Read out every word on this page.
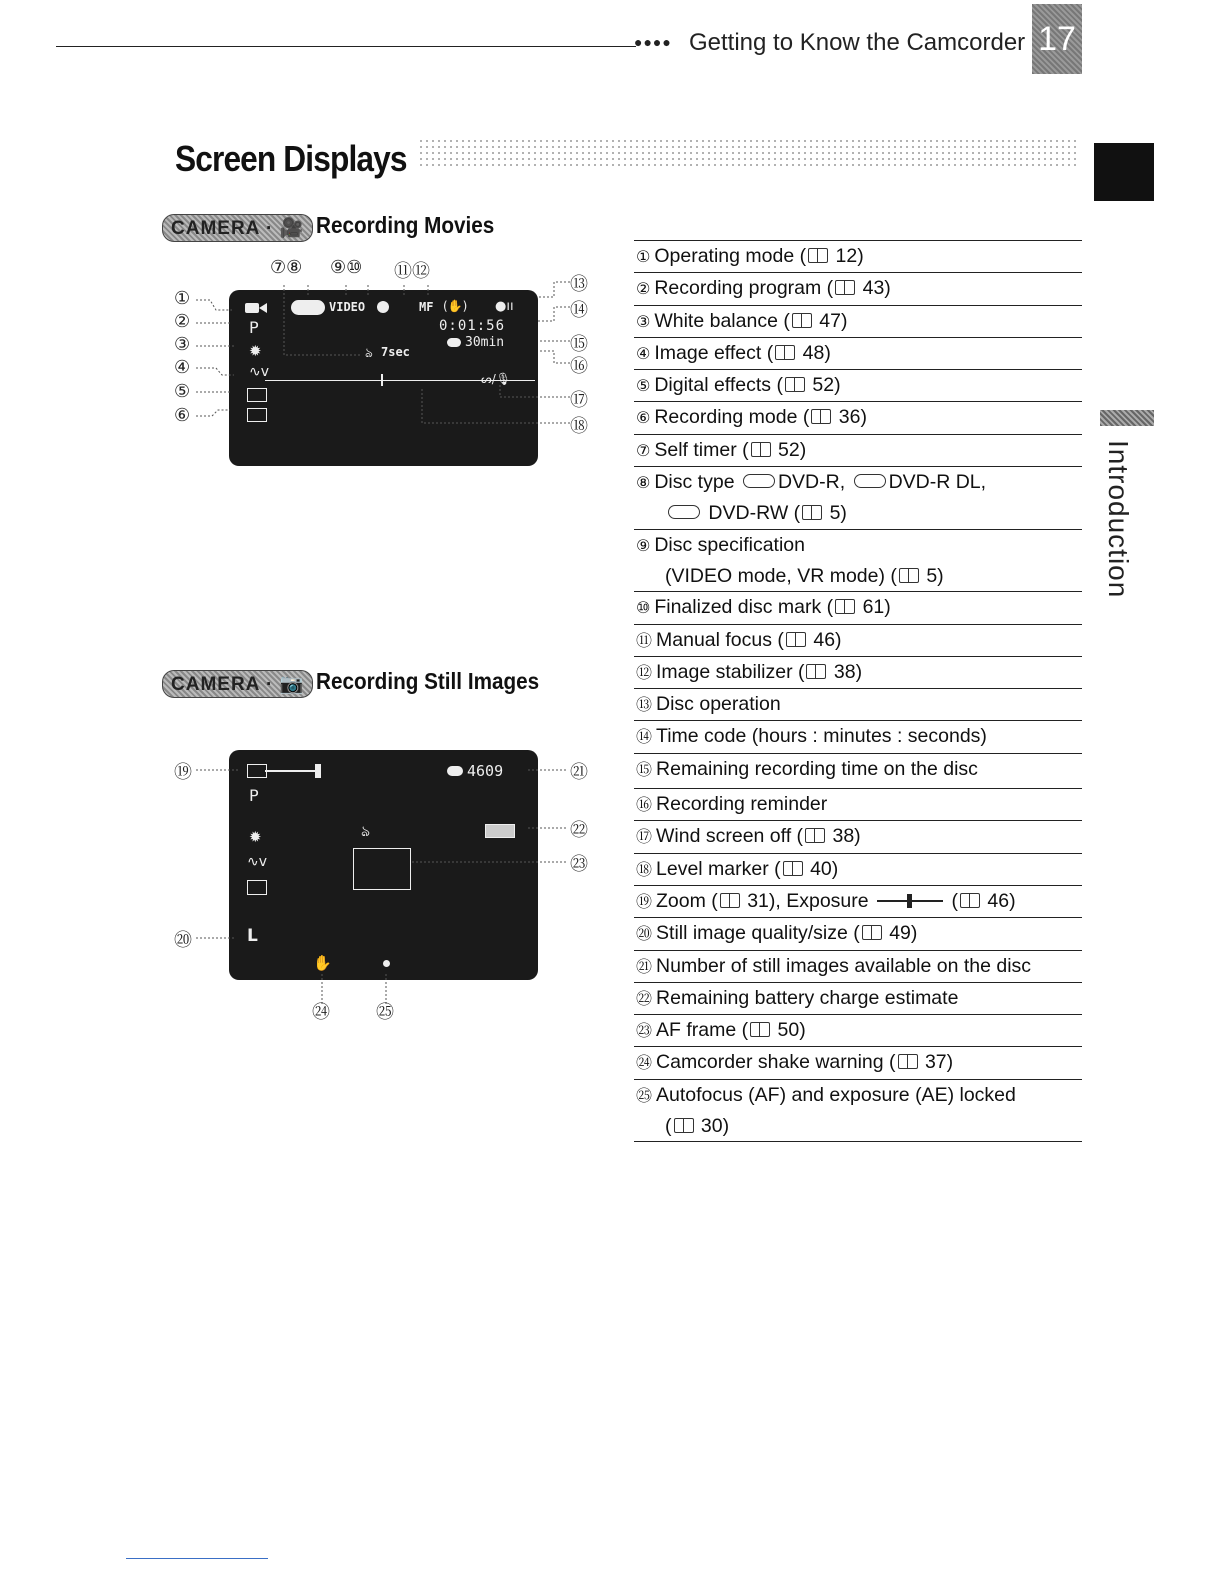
●●●● Getting to Know the Camcorder 17
Screen Displays
Introduction
CAMERA · 🎥 Recording Movies
P
✹
∿v
VIDEO	MF (✋) ●ıı
0:01:56
30min
ঌ 7sec
ᔕ/🎙
⑦⑧ ⑨⑩ ⑪⑫
①
②
③
④
⑤
⑥
⑬
⑭
⑮
⑯
⑰
⑱
CAMERA · 📷 Recording Still Images
P
✹
∿v
L
4609
ঌ
✋
⑲
⑳
㉑
㉒
㉓
㉔	㉕
① Operating mode ( 12)
② Recording program ( 43)
③ White balance ( 47)
④ Image effect ( 48)
⑤ Digital effects ( 52)
⑥ Recording mode ( 36)
⑦ Self timer ( 52)
⑧ Disc type DVD-R, DVD-R DL,
DVD-RW ( 5)
⑨ Disc specification
(VIDEO mode, VR mode) ( 5)
⑩ Finalized disc mark ( 61)
⑪ Manual focus ( 46)
⑫ Image stabilizer ( 38)
⑬ Disc operation
⑭ Time code (hours : minutes : seconds)
⑮ Remaining recording time on the disc
⑯ Recording reminder
⑰ Wind screen off ( 38)
⑱ Level marker ( 40)
⑲ Zoom ( 31), Exposure	( 46)
⑳ Still image quality/size ( 49)
㉑ Number of still images available on the disc
㉒ Remaining battery charge estimate
㉓ AF frame ( 50)
㉔ Camcorder shake warning ( 37)
㉕ Autofocus (AF) and exposure (AE) locked
( 30)
